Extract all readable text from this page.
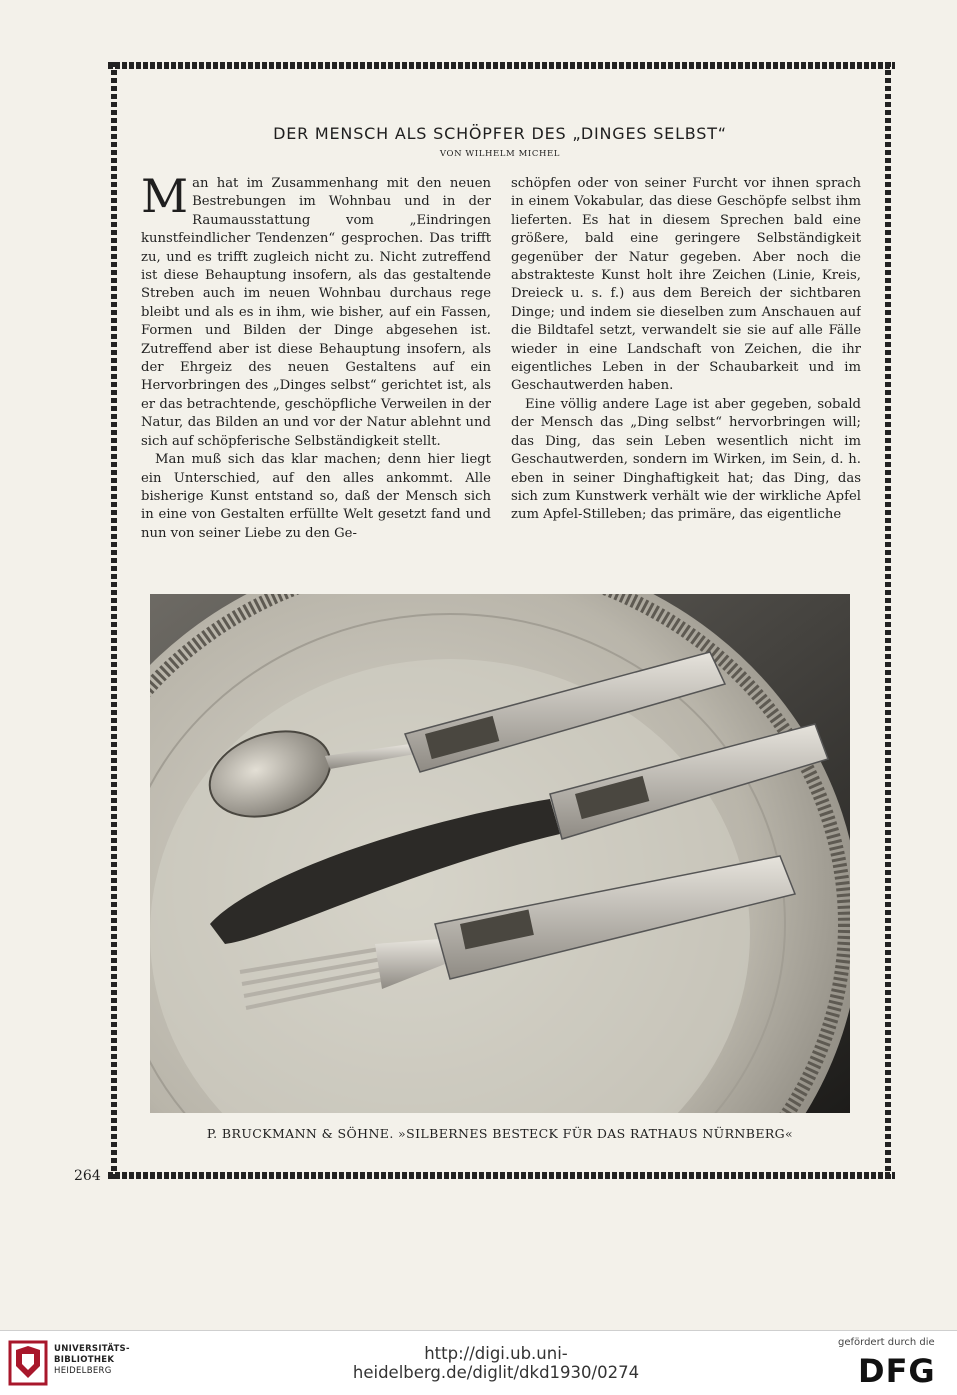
DER MENSCH ALS SCHÖPFER DES „DINGES SELBST“

VON WILHELM MICHEL

Man hat im Zusammenhang mit den neuen Bestrebungen im Wohnbau und in der Raumausstattung vom „Eindringen kunstfeindlicher Tendenzen“ gesprochen. Das trifft zu, und es trifft zugleich nicht zu. Nicht zutreffend ist diese Behauptung insofern, als das gestaltende Streben auch im neuen Wohnbau durchaus rege bleibt und als es in ihm, wie bisher, auf ein Fassen, Formen und Bilden der Dinge abgesehen ist. Zutreffend aber ist diese Behauptung insofern, als der Ehrgeiz des neuen Gestaltens auf ein Hervorbringen des „Dinges selbst“ gerichtet ist, als er das betrachtende, geschöpfliche Verweilen in der Natur, das Bilden an und vor der Natur ablehnt und sich auf schöpferische Selbständigkeit stellt.

Man muß sich das klar machen; denn hier liegt ein Unterschied, auf den alles ankommt. Alle bisherige Kunst entstand so, daß der Mensch sich in eine von Gestalten erfüllte Welt gesetzt fand und nun von seiner Liebe zu den Ge-

schöpfen oder von seiner Furcht vor ihnen sprach in einem Vokabular, das diese Geschöpfe selbst ihm lieferten. Es hat in diesem Sprechen bald eine größere, bald eine geringere Selbständigkeit gegenüber der Natur gegeben. Aber noch die abstrakteste Kunst holt ihre Zeichen (Linie, Kreis, Dreieck u. s. f.) aus dem Bereich der sichtbaren Dinge; und indem sie dieselben zum Anschauen auf die Bildtafel setzt, verwandelt sie sie auf alle Fälle wieder in eine Landschaft von Zeichen, die ihr eigentliches Leben in der Schaubarkeit und im Geschautwerden haben.

Eine völlig andere Lage ist aber gegeben, sobald der Mensch das „Ding selbst“ hervorbringen will; das Ding, das sein Leben wesentlich nicht im Geschautwerden, sondern im Wirken, im Sein, d. h. eben in seiner Dinghaftigkeit hat; das Ding, das sich zum Kunstwerk verhält wie der wirkliche Apfel zum Apfel-Stilleben; das primäre, das eigentliche

P. BRUCKMANN & SÖHNE. »SILBERNES BESTECK FÜR DAS RATHAUS NÜRNBERG«

264

UNIVERSITÄTS-
BIBLIOTHEK
HEIDELBERG
http://digi.ub.uni-heidelberg.de/diglit/dkd1930/0274
gefördert durch die
DFG
